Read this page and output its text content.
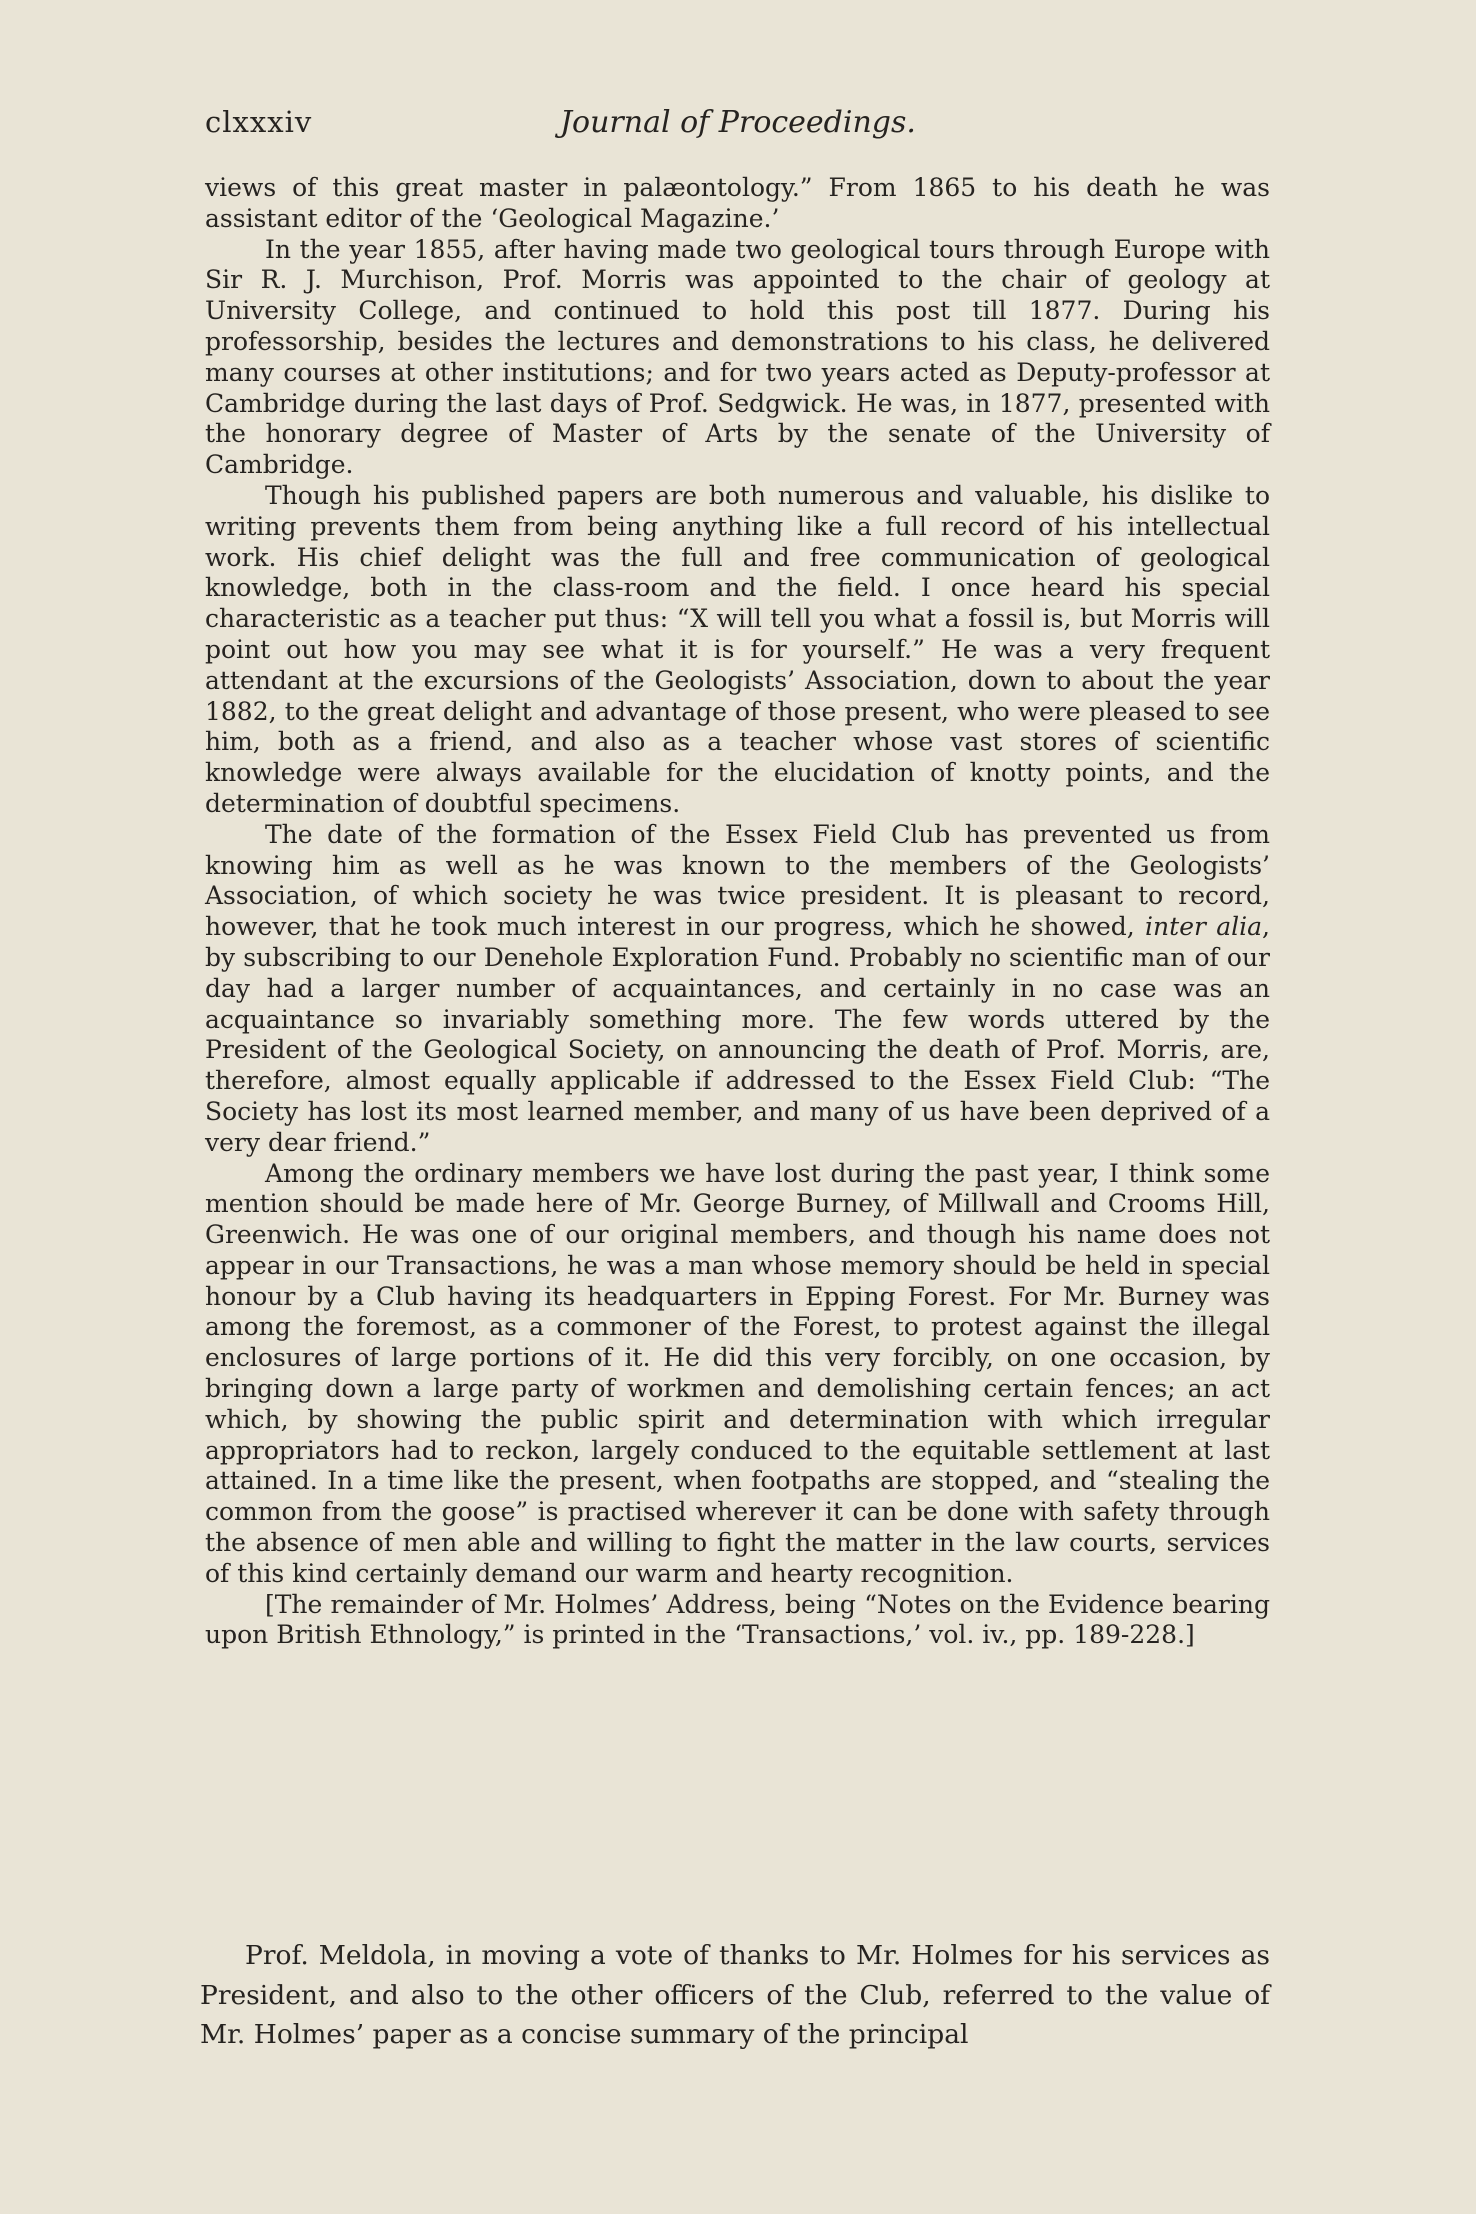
clxxxiv	Journal of Proceedings.

views of this great master in palæontology.” From 1865 to his death he was assistant editor of the ‘Geological Magazine.’

In the year 1855, after having made two geological tours through Europe with Sir R. J. Murchison, Prof. Morris was appointed to the chair of geology at University College, and continued to hold this post till 1877. During his professorship, besides the lectures and demonstrations to his class, he delivered many courses at other institutions; and for two years acted as Deputy-professor at Cambridge during the last days of Prof. Sedgwick. He was, in 1877, presented with the honorary degree of Master of Arts by the senate of the University of Cambridge.

Though his published papers are both numerous and valuable, his dislike to writing prevents them from being anything like a full record of his intellectual work. His chief delight was the full and free communication of geological knowledge, both in the class-room and the field. I once heard his special characteristic as a teacher put thus: “X will tell you what a fossil is, but Morris will point out how you may see what it is for yourself.” He was a very frequent attendant at the excursions of the Geologists’ Association, down to about the year 1882, to the great delight and advantage of those present, who were pleased to see him, both as a friend, and also as a teacher whose vast stores of scientific knowledge were always available for the elucidation of knotty points, and the determination of doubtful specimens.

The date of the formation of the Essex Field Club has prevented us from knowing him as well as he was known to the members of the Geologists’ Association, of which society he was twice president. It is pleasant to record, however, that he took much interest in our progress, which he showed, inter alia, by subscribing to our Denehole Exploration Fund. Probably no scientific man of our day had a larger number of acquaintances, and certainly in no case was an acquaintance so invariably something more. The few words uttered by the President of the Geological Society, on announcing the death of Prof. Morris, are, therefore, almost equally applicable if addressed to the Essex Field Club: “The Society has lost its most learned member, and many of us have been deprived of a very dear friend.”

Among the ordinary members we have lost during the past year, I think some mention should be made here of Mr. George Burney, of Millwall and Crooms Hill, Greenwich. He was one of our original members, and though his name does not appear in our Transactions, he was a man whose memory should be held in special honour by a Club having its headquarters in Epping Forest. For Mr. Burney was among the foremost, as a commoner of the Forest, to protest against the illegal enclosures of large portions of it. He did this very forcibly, on one occasion, by bringing down a large party of workmen and demolishing certain fences; an act which, by showing the public spirit and determination with which irregular appropriators had to reckon, largely conduced to the equitable settlement at last attained. In a time like the present, when footpaths are stopped, and “stealing the common from the goose” is practised wherever it can be done with safety through the absence of men able and willing to fight the matter in the law courts, services of this kind certainly demand our warm and hearty recognition.

[The remainder of Mr. Holmes’ Address, being “Notes on the Evidence bearing upon British Ethnology,” is printed in the ‘Transactions,’ vol. iv., pp. 189-228.]

Prof. Meldola, in moving a vote of thanks to Mr. Holmes for his services as President, and also to the other officers of the Club, referred to the value of Mr. Holmes’ paper as a concise summary of the principal
